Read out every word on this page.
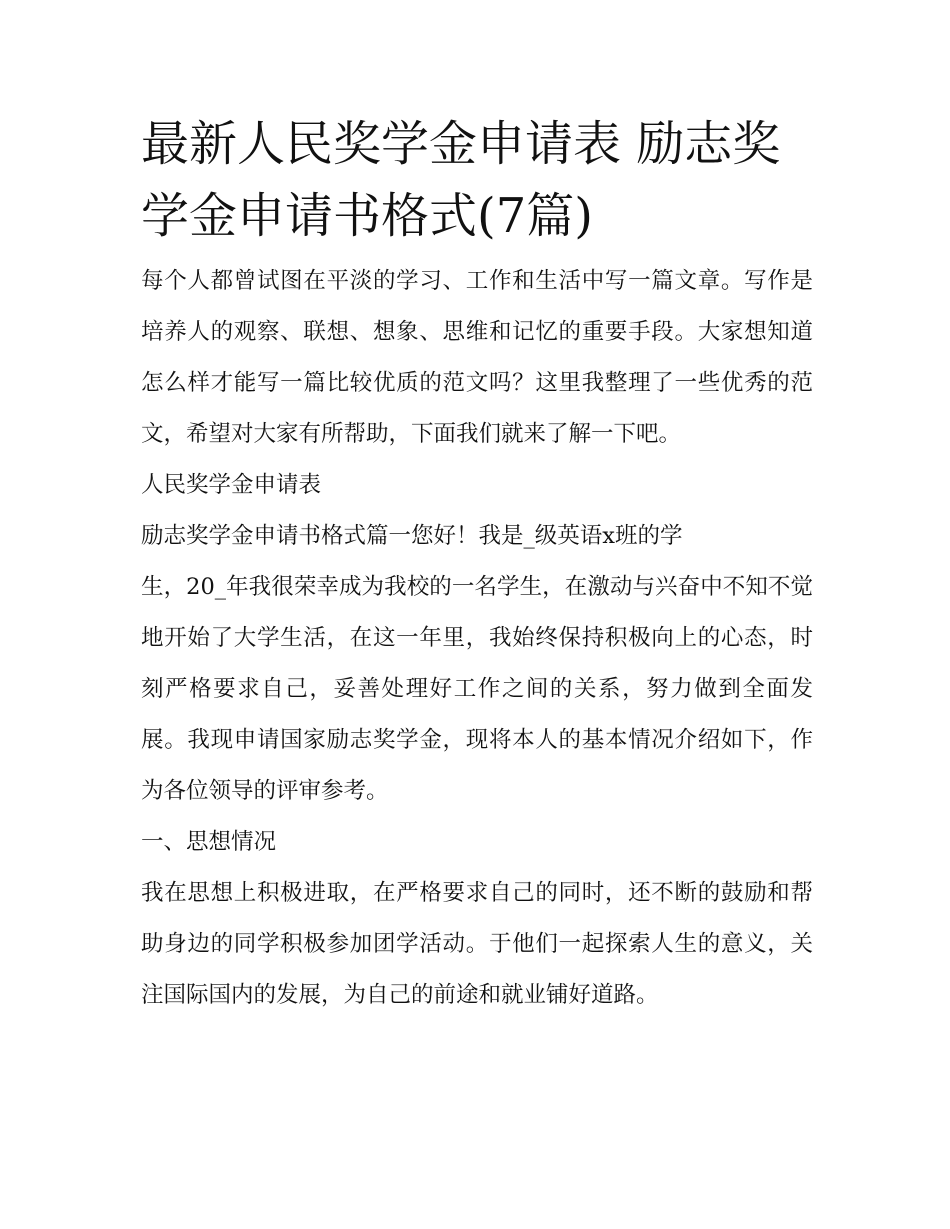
最新人民奖学金申请表 励志奖学金申请书格式(7篇)

每个人都曾试图在平淡的学习、工作和生活中写一篇文章。写作是培养人的观察、联想、想象、思维和记忆的重要手段。大家想知道怎么样才能写一篇比较优质的范文吗？这里我整理了一些优秀的范文，希望对大家有所帮助，下面我们就来了解一下吧。

人民奖学金申请表

励志奖学金申请书格式篇一您好！我是_级英语x班的学

生，20_年我很荣幸成为我校的一名学生，在激动与兴奋中不知不觉地开始了大学生活，在这一年里，我始终保持积极向上的心态，时刻严格要求自己，妥善处理好工作之间的关系，努力做到全面发展。我现申请国家励志奖学金，现将本人的基本情况介绍如下，作为各位领导的评审参考。

一、思想情况

我在思想上积极进取，在严格要求自己的同时，还不断的鼓励和帮助身边的同学积极参加团学活动。于他们一起探索人生的意义，关注国际国内的发展，为自己的前途和就业铺好道路。
